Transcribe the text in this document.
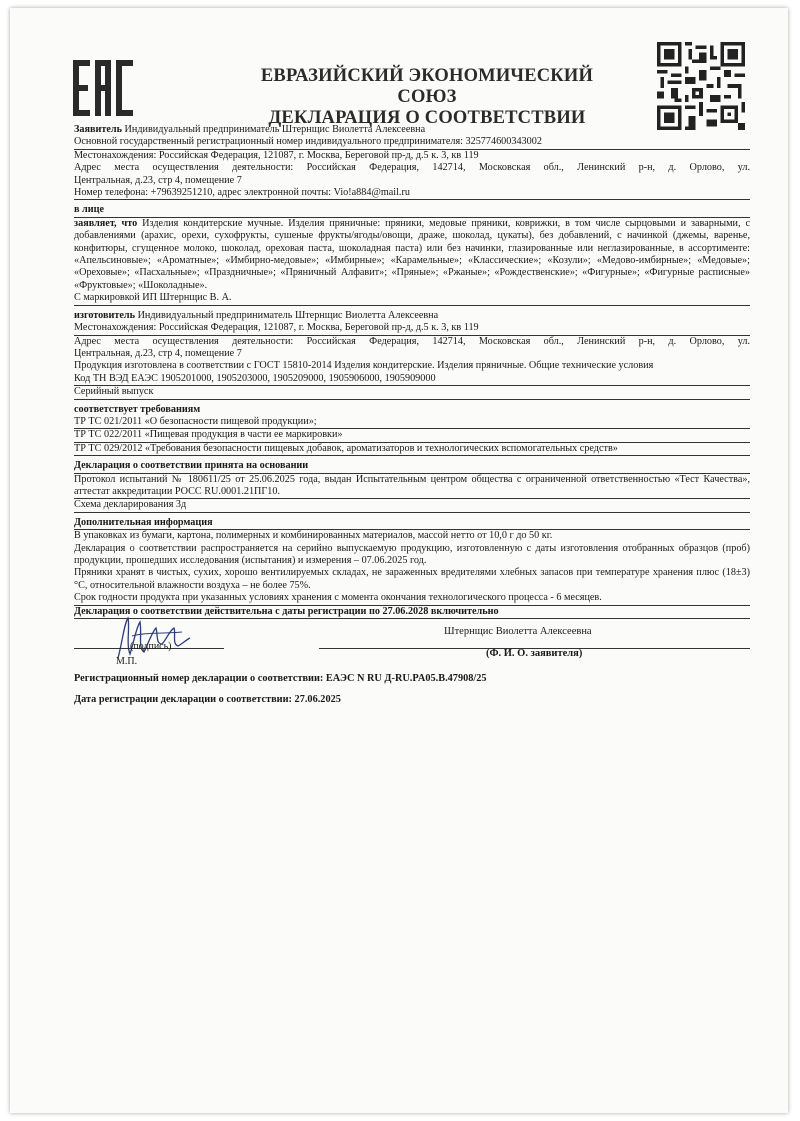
ЕВРАЗИЙСКИЙ ЭКОНОМИЧЕСКИЙ СОЮЗ
ДЕКЛАРАЦИЯ О СООТВЕТСТВИИ
Заявитель Индивидуальный предприниматель Штернщис Виолетта Алексеевна
Основной государственный регистрационный номер индивидуального предпринимателя: 325774600343002
Местонахождения: Российская Федерация, 121087, г. Москва, Береговой пр-д, д.5 к. 3, кв 119
Адрес места осуществления деятельности: Российская Федерация, 142714, Московская обл., Ленинский р-н, д. Орлово, ул.
Центральная, д.23, стр 4, помещение 7
Номер телефона: +79639251210, адрес электронной почты: Vio!a884@mail.ru
в лице
заявляет, что Изделия кондитерские мучные. Изделия пряничные: пряники, медовые пряники, коврижки, в том числе сырцовыми и заварными, с добавлениями (арахис, орехи, сухофрукты, сушеные фрукты/ягоды/овощи, драже, шоколад, цукаты), без добавлений, с начинкой (джемы, варенье, конфитюры, сгущенное молоко, шоколад, ореховая паста, шоколадная паста) или без начинки, глазированные или неглазированные, в ассортименте: «Апельсиновые»; «Ароматные»; «Имбирно-медовые»; «Имбирные»; «Карамельные»; «Классические»; «Козули»; «Медово-имбирные»; «Медовые»; «Ореховые»; «Пасхальные»; «Праздничные»; «Пряничный Алфавит»; «Пряные»; «Ржаные»; «Рождественские»; «Фигурные»; «Фигурные расписные» «Фруктовые»; «Шоколадные».
С маркировкой ИП Штернщис В. А.
изготовитель Индивидуальный предприниматель Штернщис Виолетта Алексеевна
Местонахождения: Российская Федерация, 121087, г. Москва, Береговой пр-д, д.5 к. 3, кв 119
Адрес места осуществления деятельности: Российская Федерация, 142714, Московская обл., Ленинский р-н, д. Орлово, ул.
Центральная, д.23, стр 4, помещение 7
Продукция изготовлена в соответствии с ГОСТ 15810-2014 Изделия кондитерские. Изделия пряничные. Общие технические условия
Код ТН ВЭД ЕАЭС 1905201000, 1905203000, 1905209000, 1905906000, 1905909000
Серийный выпуск
соответствует требованиям
ТР ТС 021/2011 «О безопасности пищевой продукции»;
ТР ТС 022/2011 «Пищевая продукция в части ее маркировки»
ТР ТС 029/2012 «Требования безопасности пищевых добавок, ароматизаторов и технологических вспомогательных средств»
Декларация о соответствии принята на основании
Протокол испытаний № 180611/25 от 25.06.2025 года, выдан Испытательным центром общества с ограниченной ответственностью «Тест Качества», аттестат аккредитации РОСС RU.0001.21ПГ10.
Схема декларирования 3д
Дополнительная информация
В упаковках из бумаги, картона, полимерных и комбинированных материалов, массой нетто от 10,0 г до 50 кг.
Декларация о соответствии распространяется на серийно выпускаемую продукцию, изготовленную с даты изготовления отобранных образцов (проб) продукции, прошедших исследования (испытания) и измерения – 07.06.2025 год.
Пряники хранят в чистых, сухих, хорошо вентилируемых складах, не зараженных вредителями хлебных запасов при температуре хранения плюс (18±3) °С, относительной влажности воздуха – не более 75%.
Срок годности продукта при указанных условиях хранения с момента окончания технологического процесса - 6 месяцев.
Декларация о соответствии действительна с даты регистрации по 27.06.2028 включительно
(подпись)
М.П.
Штернщис Виолетта Алексеевна
(Ф. И. О. заявителя)
Регистрационный номер декларации о соответствии: ЕАЭС N RU Д-RU.PA05.B.47908/25
Дата регистрации декларации о соответствии: 27.06.2025
